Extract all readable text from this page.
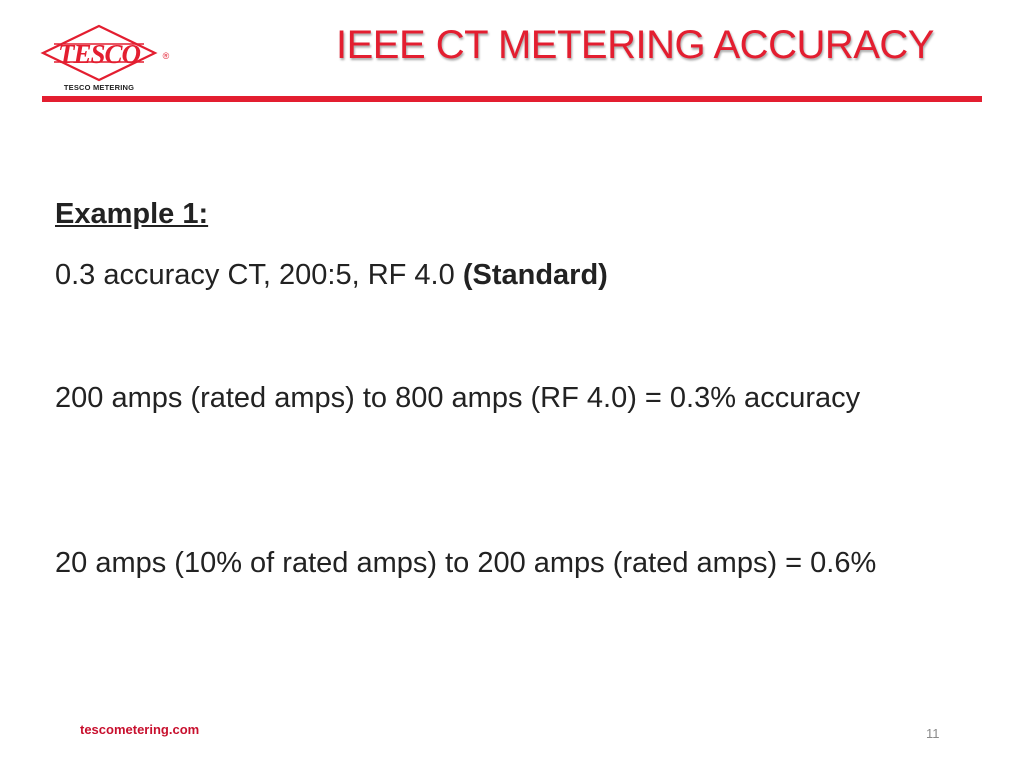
TESCO	®
TESCO METERING
IEEE CT METERING ACCURACY
Example 1:
0.3 accuracy CT, 200:5, RF 4.0 (Standard)
200 amps (rated amps) to 800 amps (RF 4.0) = 0.3% accuracy
20 amps (10% of rated amps) to 200 amps (rated amps) = 0.6%
tescometering.com	11
